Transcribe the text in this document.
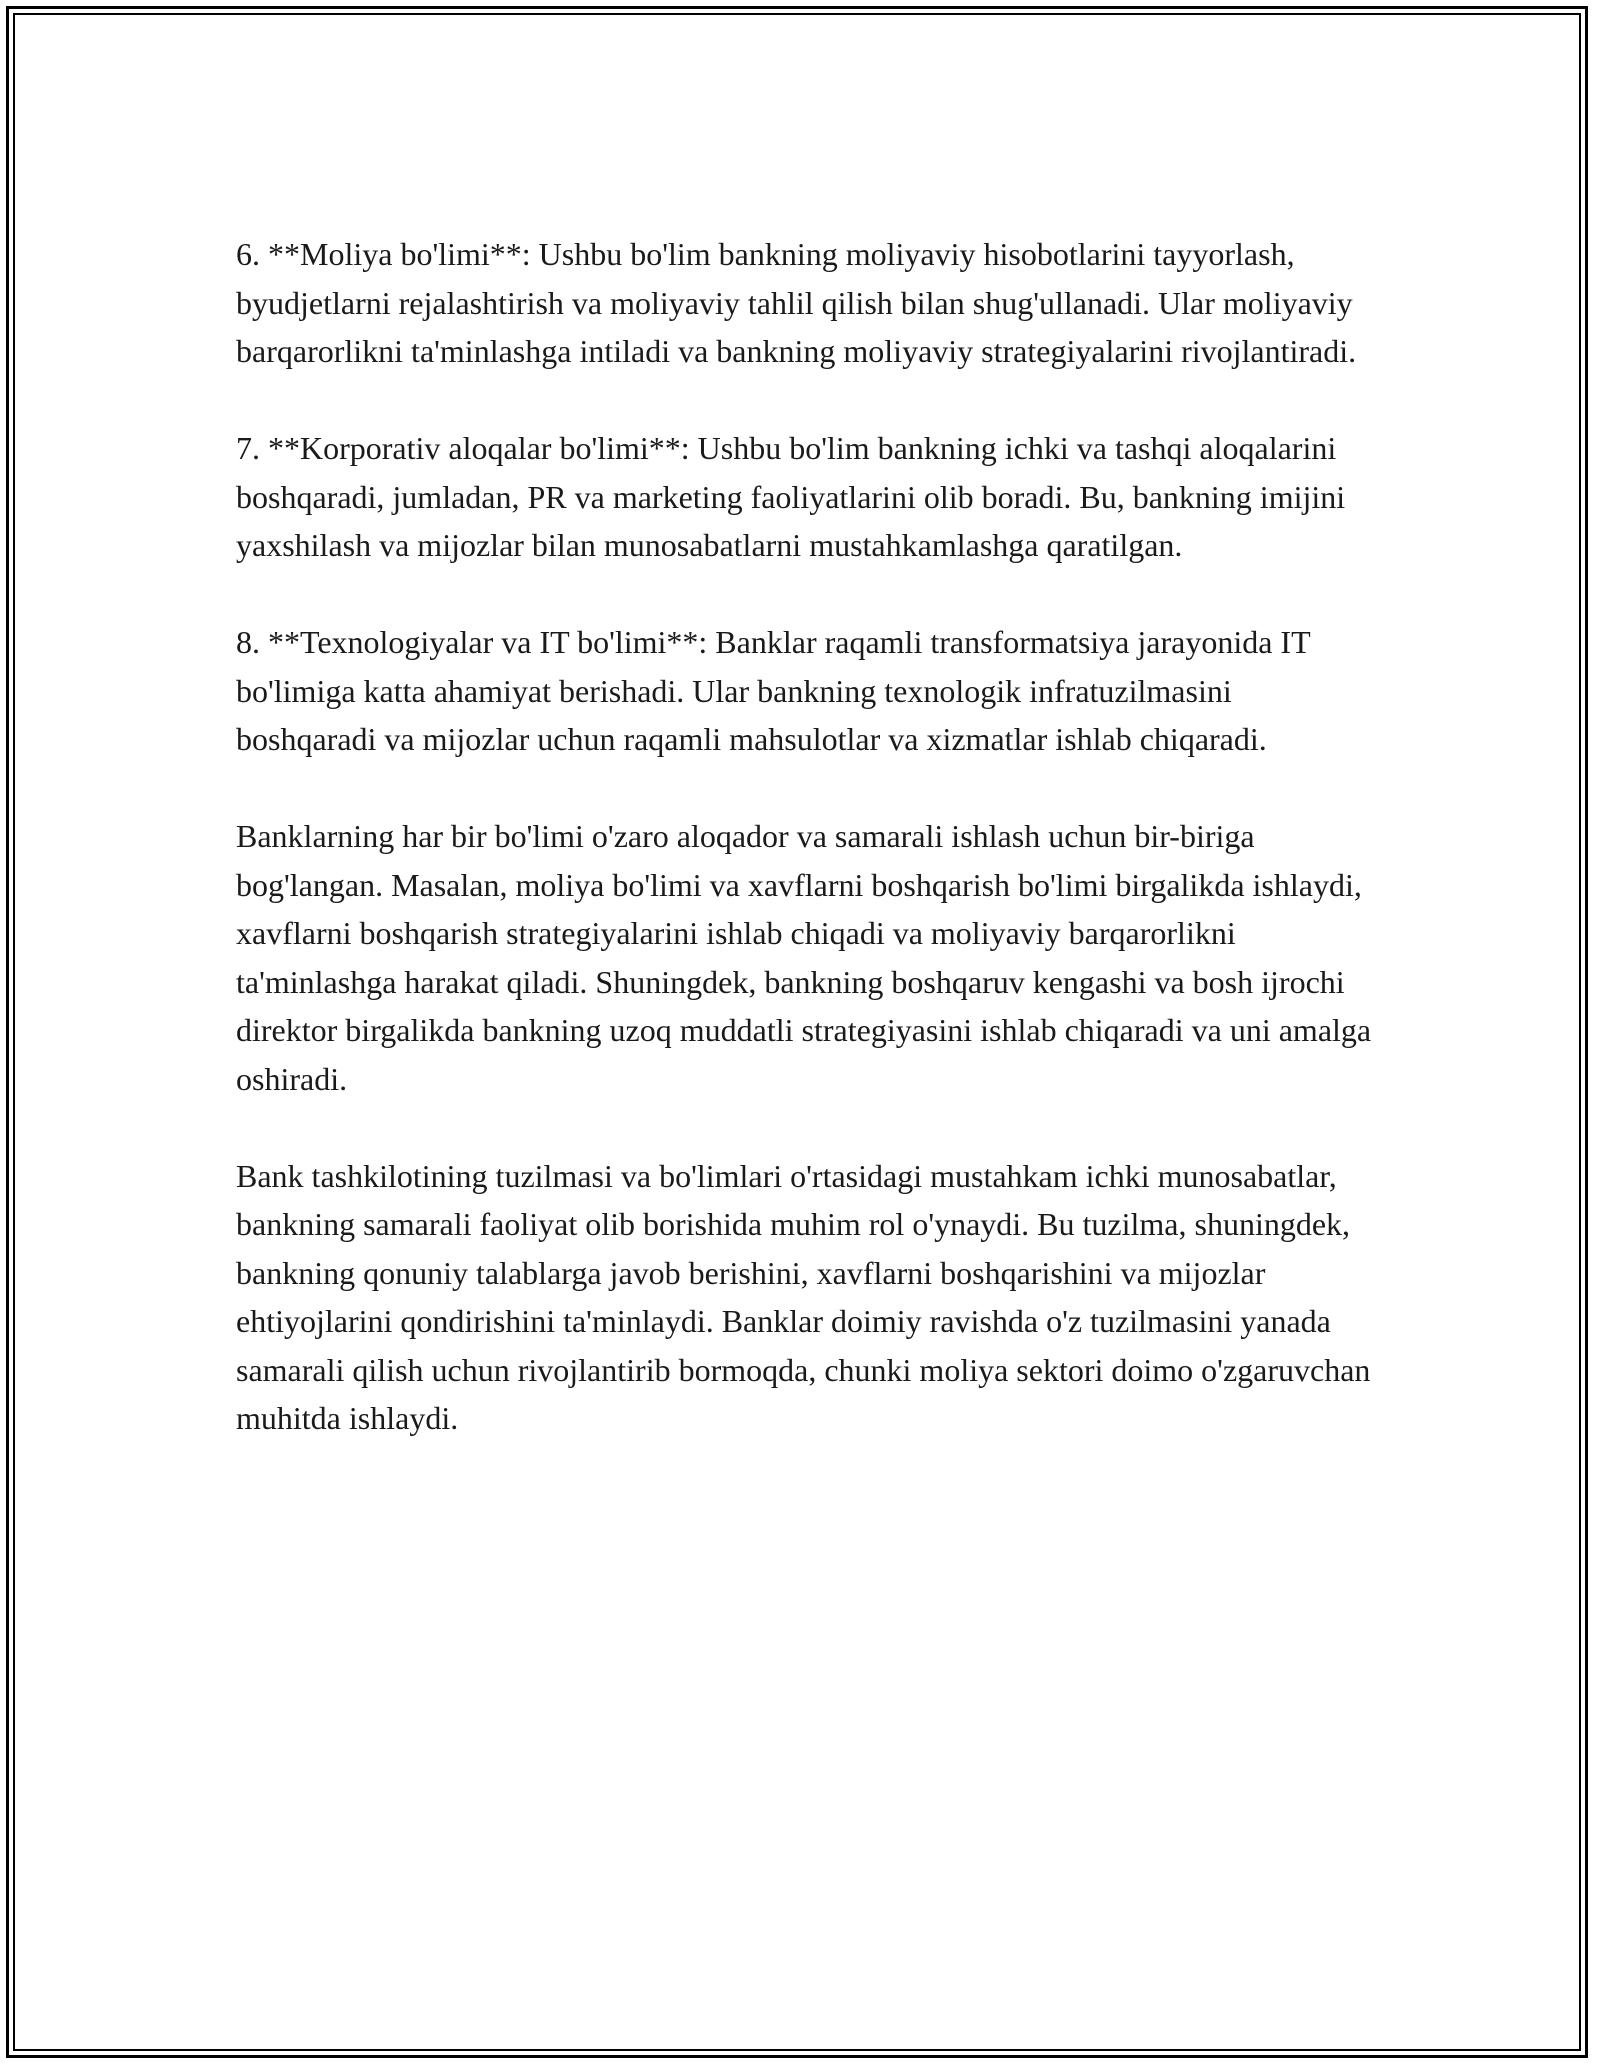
6. **Moliya bo'limi**: Ushbu bo'lim bankning moliyaviy hisobotlarini tayyorlash, byudjetlarni rejalashtirish va moliyaviy tahlil qilish bilan shug'ullanadi. Ular moliyaviy barqarorlikni ta'minlashga intiladi va bankning moliyaviy strategiyalarini rivojlantiradi.

7. **Korporativ aloqalar bo'limi**: Ushbu bo'lim bankning ichki va tashqi aloqalarini boshqaradi, jumladan, PR va marketing faoliyatlarini olib boradi. Bu, bankning imijini yaxshilash va mijozlar bilan munosabatlarni mustahkamlashga qaratilgan.

8. **Texnologiyalar va IT bo'limi**: Banklar raqamli transformatsiya jarayonida IT bo'limiga katta ahamiyat berishadi. Ular bankning texnologik infratuzilmasini boshqaradi va mijozlar uchun raqamli mahsulotlar va xizmatlar ishlab chiqaradi.

Banklarning har bir bo'limi o'zaro aloqador va samarali ishlash uchun bir-biriga bog'langan. Masalan, moliya bo'limi va xavflarni boshqarish bo'limi birgalikda ishlaydi, xavflarni boshqarish strategiyalarini ishlab chiqadi va moliyaviy barqarorlikni ta'minlashga harakat qiladi. Shuningdek, bankning boshqaruv kengashi va bosh ijrochi direktor birgalikda bankning uzoq muddatli strategiyasini ishlab chiqaradi va uni amalga oshiradi.

Bank tashkilotining tuzilmasi va bo'limlari o'rtasidagi mustahkam ichki munosabatlar, bankning samarali faoliyat olib borishida muhim rol o'ynaydi. Bu tuzilma, shuningdek, bankning qonuniy talablarga javob berishini, xavflarni boshqarishini va mijozlar ehtiyojlarini qondirishini ta'minlaydi. Banklar doimiy ravishda o'z tuzilmasini yanada samarali qilish uchun rivojlantirib bormoqda, chunki moliya sektori doimo o'zgaruvchan muhitda ishlaydi.
